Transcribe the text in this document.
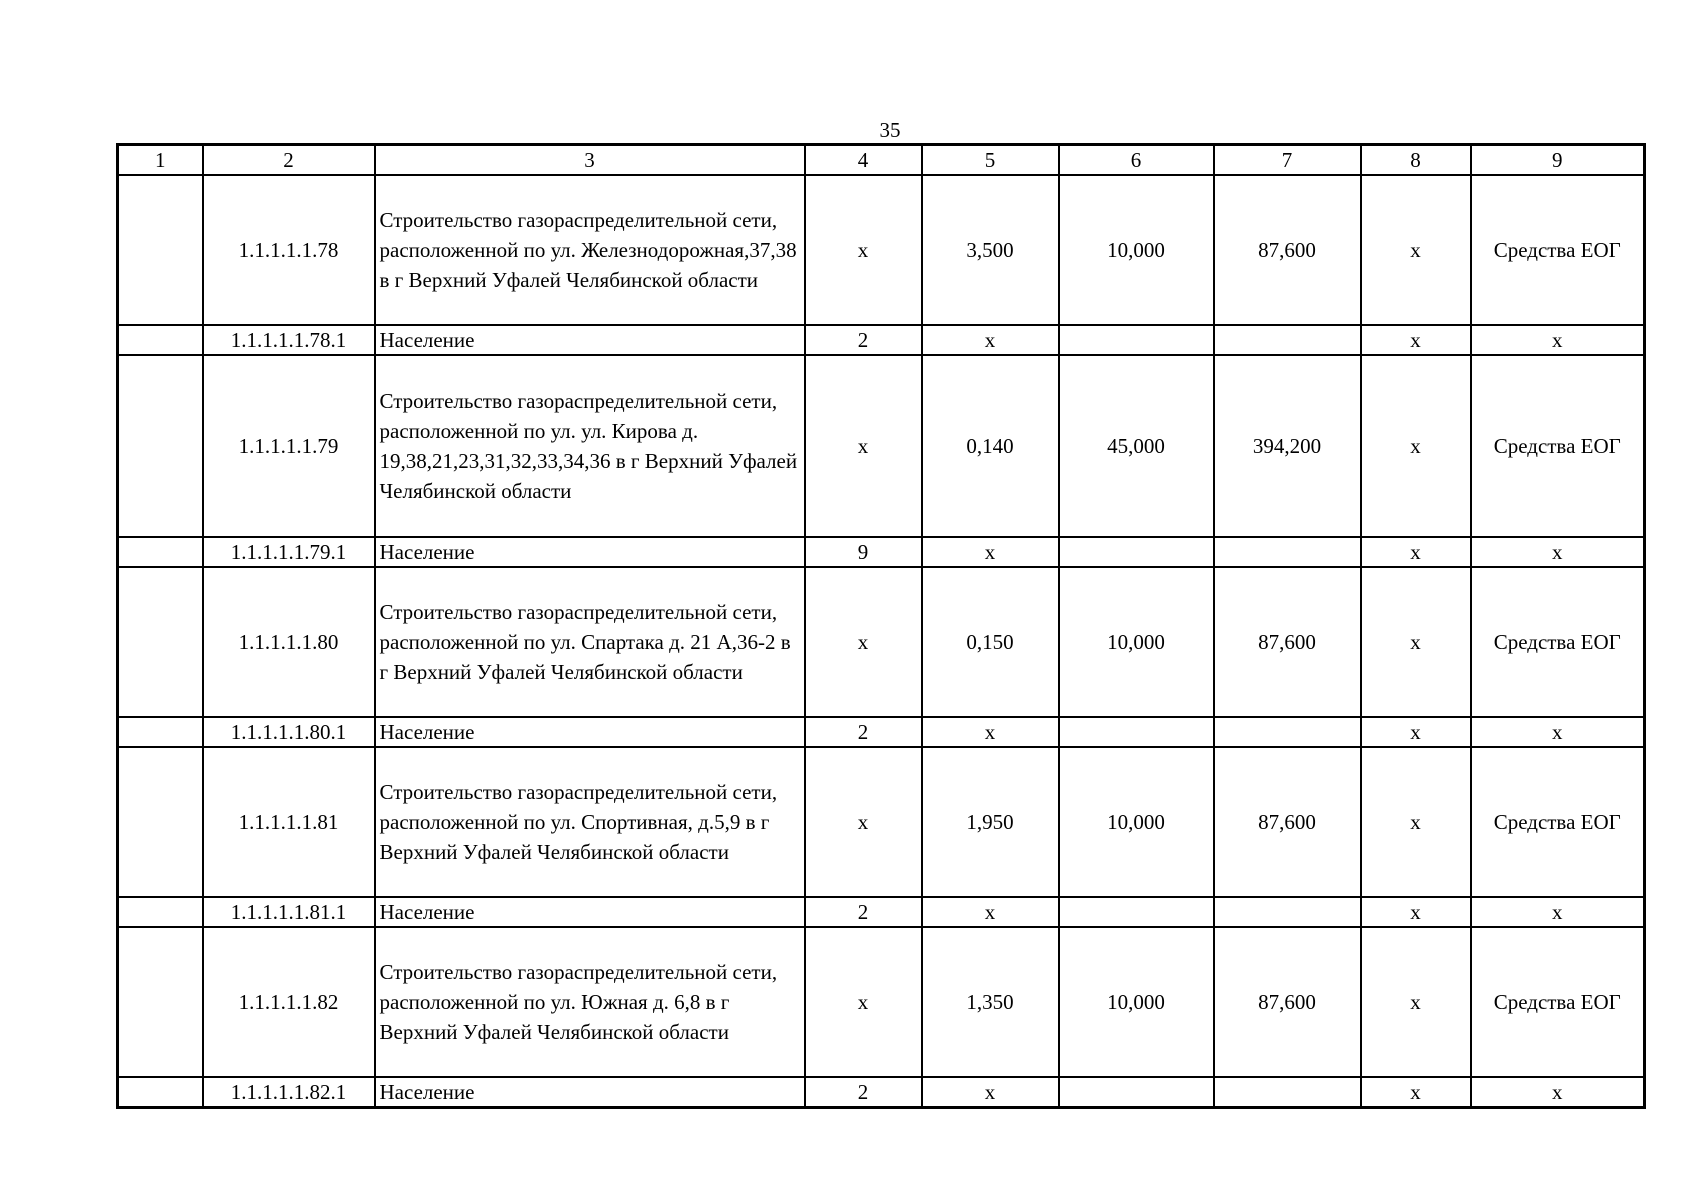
35
1	2	3	4	5	6	7	8	9
	1.1.1.1.1.78	Строительство газораспределительной сети, расположенной по ул. Железнодорожная,37,38 в г Верхний Уфалей Челябинской области	х	3,500	10,000	87,600	х	Средства ЕОГ
	1.1.1.1.1.78.1	Население	2	х			х	х
	1.1.1.1.1.79	Строительство газораспределительной сети, расположенной по ул. ул. Кирова д. 19,38,21,23,31,32,33,34,36 в г Верхний Уфалей Челябинской области	х	0,140	45,000	394,200	х	Средства ЕОГ
	1.1.1.1.1.79.1	Население	9	х			х	х
	1.1.1.1.1.80	Строительство газораспределительной сети, расположенной по ул. Спартака д. 21 А,36-2 в г Верхний Уфалей Челябинской области	х	0,150	10,000	87,600	х	Средства ЕОГ
	1.1.1.1.1.80.1	Население	2	х			х	х
	1.1.1.1.1.81	Строительство газораспределительной сети, расположенной по ул. Спортивная, д.5,9 в г Верхний Уфалей Челябинской области	х	1,950	10,000	87,600	х	Средства ЕОГ
	1.1.1.1.1.81.1	Население	2	х			х	х
	1.1.1.1.1.82	Строительство газораспределительной сети, расположенной по ул. Южная д. 6,8 в г Верхний Уфалей Челябинской области	х	1,350	10,000	87,600	х	Средства ЕОГ
	1.1.1.1.1.82.1	Население	2	х			х	х
